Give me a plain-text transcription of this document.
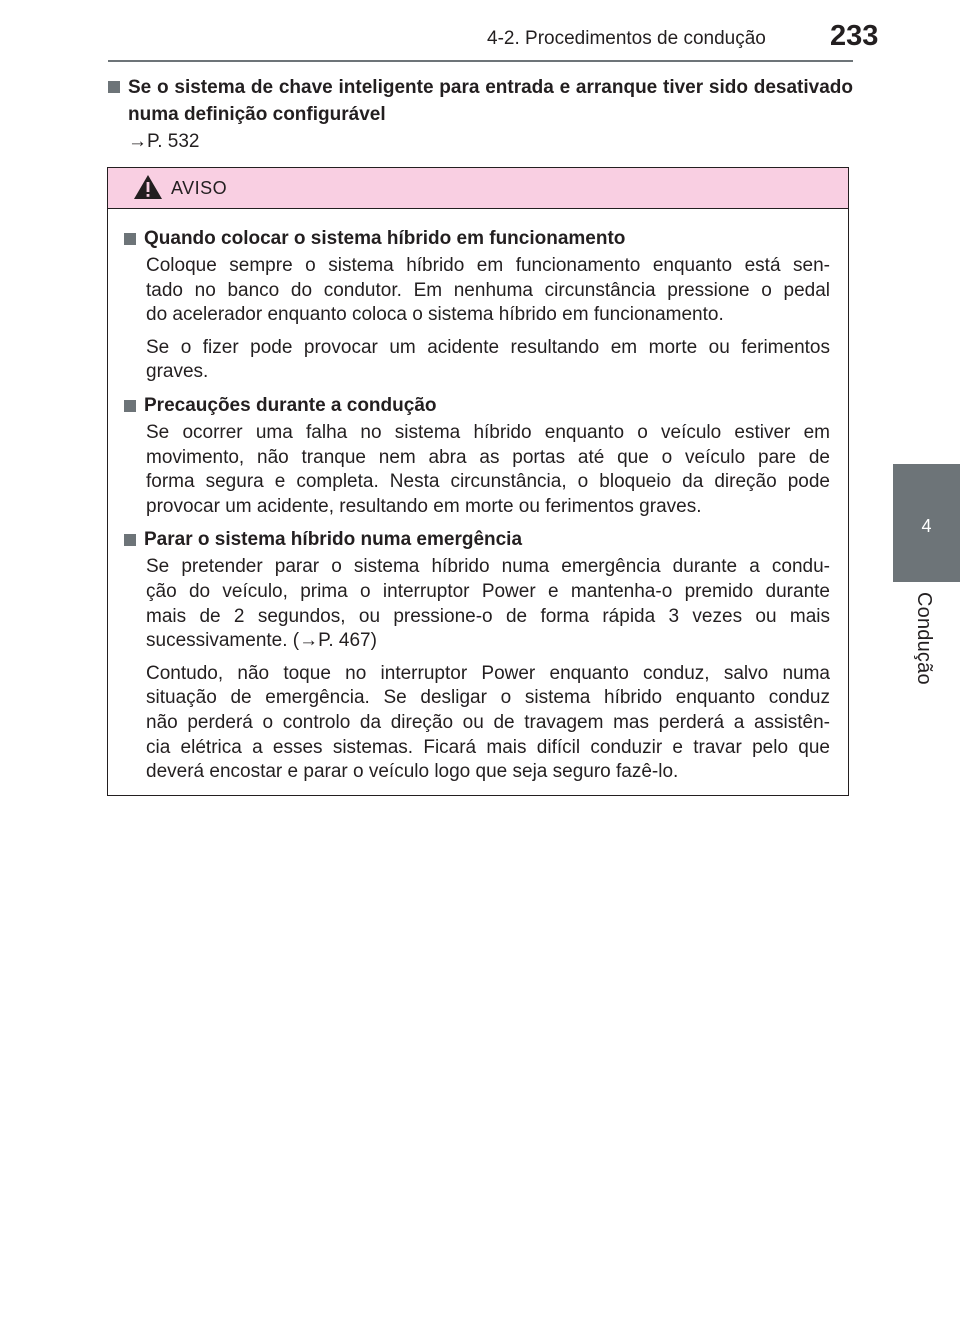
4-2. Procedimentos de condução 233
4
Condução
Se o sistema de chave inteligente para entrada e arranque tiver sido desativado numa definição configurável
→P. 532
AVISO
Quando colocar o sistema híbrido em funcionamento
Coloque sempre o sistema híbrido em funcionamento enquanto está sen-
tado no banco do condutor. Em nenhuma circunstância pressione o pedal
do acelerador enquanto coloca o sistema híbrido em funcionamento.
Se o fizer pode provocar um acidente resultando em morte ou ferimentos
graves.
Precauções durante a condução
Se ocorrer uma falha no sistema híbrido enquanto o veículo estiver em
movimento, não tranque nem abra as portas até que o veículo pare de
forma segura e completa. Nesta circunstância, o bloqueio da direção pode
provocar um acidente, resultando em morte ou ferimentos graves.
Parar o sistema híbrido numa emergência
Se pretender parar o sistema híbrido numa emergência durante a condu-
ção do veículo, prima o interruptor Power e mantenha-o premido durante
mais de 2 segundos, ou pressione-o de forma rápida 3 vezes ou mais
sucessivamente. (→P. 467)
Contudo, não toque no interruptor Power enquanto conduz, salvo numa
situação de emergência. Se desligar o sistema híbrido enquanto conduz
não perderá o controlo da direção ou de travagem mas perderá a assistên-
cia elétrica a esses sistemas. Ficará mais difícil conduzir e travar pelo que
deverá encostar e parar o veículo logo que seja seguro fazê-lo.
